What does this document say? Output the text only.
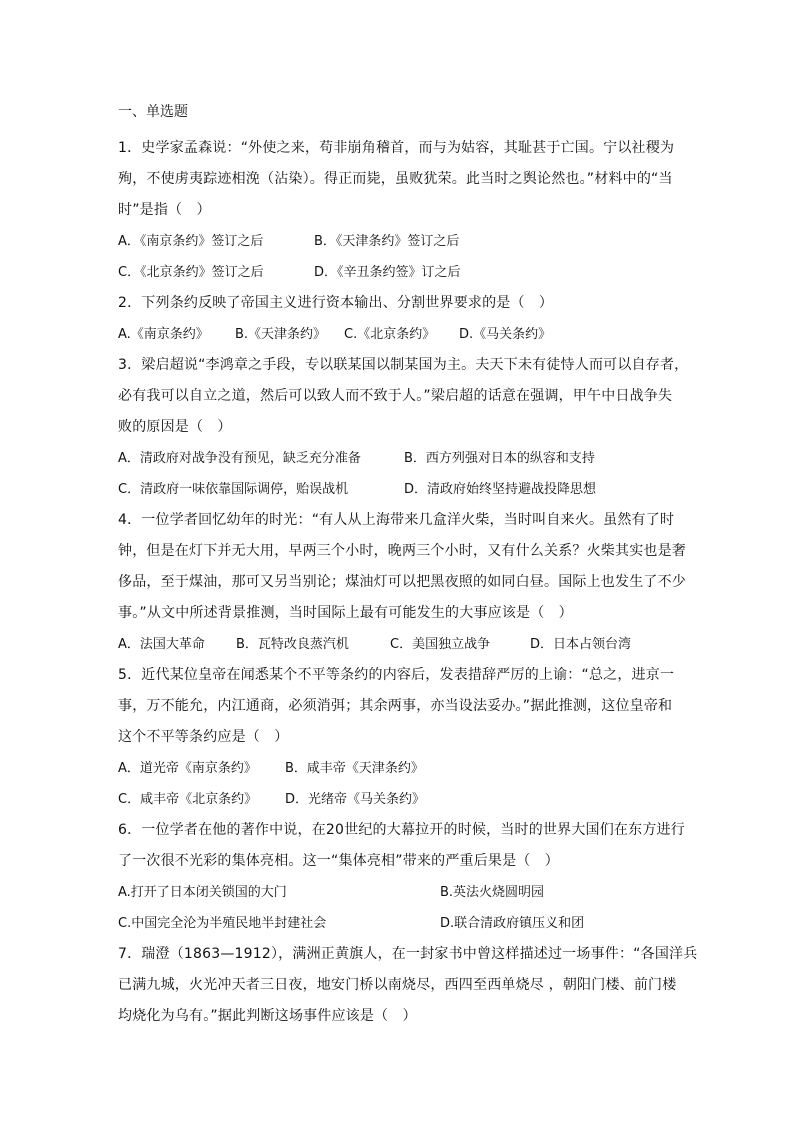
一、单选题
1．史学家孟森说：“外使之来，苟非崩角稽首，而与为姑容，其耻甚于亡国。宁以社稷为
殉，不使虏夷踪迹相浼（沾染）。得正而毙，虽败犹荣。此当时之舆论然也。”材料中的“当
时”是指（　）
A．《南京条约》签订之后	B．《天津条约》签订之后
C．《北京条约》签订之后	D．《辛丑条约签》订之后
2．下列条约反映了帝国主义进行资本输出、分割世界要求的是（　）
A.《南京条约》 B.《天津条约》 C.《北京条约》 D.《马关条约》
3．梁启超说“李鸿章之手段，专以联某国以制某国为主。夫天下未有徒恃人而可以自存者，
必有我可以自立之道，然后可以致人而不致于人。”梁启超的话意在强调，甲午中日战争失
败的原因是（　）
A．清政府对战争没有预见，缺乏充分准备	B．西方列强对日本的纵容和支持
C．清政府一味依靠国际调停，贻误战机	D．清政府始终坚持避战投降思想
4．一位学者回忆幼年的时光：“有人从上海带来几盒洋火柴，当时叫自来火。虽然有了时
钟，但是在灯下并无大用，早两三个小时，晚两三个小时，又有什么关系？火柴其实也是奢
侈品，至于煤油，那可又另当别论；煤油灯可以把黑夜照的如同白昼。国际上也发生了不少
事。”从文中所述背景推测，当时国际上最有可能发生的大事应该是（　）
A．法国大革命 B．瓦特改良蒸汽机	C．美国独立战争	D．日本占领台湾
5．近代某位皇帝在闻悉某个不平等条约的内容后，发表措辞严厉的上谕：“总之，进京一
事，万不能允，内江通商，必须消弭；其余两事，亦当设法妥办。”据此推测，这位皇帝和
这个不平等条约应是（　）
A．道光帝《南京条约》 B．咸丰帝《天津条约》
C．咸丰帝《北京条约》 D．光绪帝《马关条约》
6．一位学者在他的著作中说，在20世纪的大幕拉开的时候，当时的世界大国们在东方进行
了一次很不光彩的集体亮相。这一“集体亮相”带来的严重后果是（　）
A.打开了日本闭关锁国的大门	B.英法火烧圆明园
C.中国完全沦为半殖民地半封建社会	D.联合清政府镇压义和团
7．瑞澄（1863—1912），满洲正黄旗人，在一封家书中曾这样描述过一场事件：“各国洋兵
已满九城，火光冲天者三日夜，地安门桥以南烧尽，西四至西单烧尽 ，朝阳门楼、前门楼
均烧化为乌有。”据此判断这场事件应该是（　）
